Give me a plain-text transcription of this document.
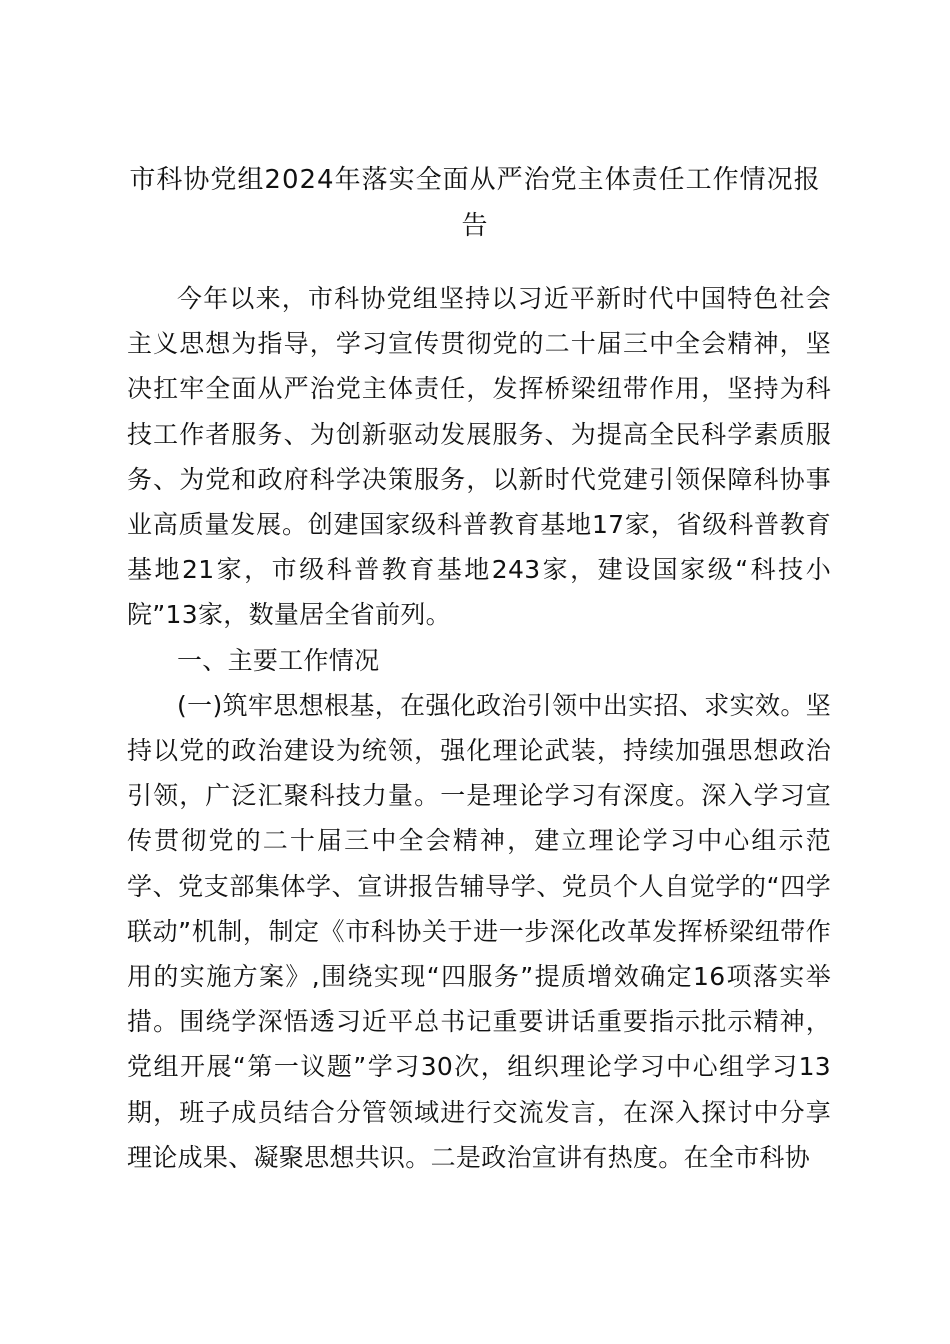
市科协党组2024年落实全面从严治党主体责任工作情况报告

今年以来，市科协党组坚持以习近平新时代中国特色社会主义思想为指导，学习宣传贯彻党的二十届三中全会精神，坚决扛牢全面从严治党主体责任，发挥桥梁纽带作用，坚持为科技工作者服务、为创新驱动发展服务、为提高全民科学素质服务、为党和政府科学决策服务，以新时代党建引领保障科协事业高质量发展。创建国家级科普教育基地17家，省级科普教育基地21家，市级科普教育基地243家，建设国家级“科技小院”13家，数量居全省前列。

一、主要工作情况

(一)筑牢思想根基，在强化政治引领中出实招、求实效。坚持以党的政治建设为统领，强化理论武装，持续加强思想政治引领，广泛汇聚科技力量。一是理论学习有深度。深入学习宣传贯彻党的二十届三中全会精神，建立理论学习中心组示范学、党支部集体学、宣讲报告辅导学、党员个人自觉学的“四学联动”机制，制定《市科协关于进一步深化改革发挥桥梁纽带作用的实施方案》,围绕实现“四服务”提质增效确定16项落实举措。围绕学深悟透习近平总书记重要讲话重要指示批示精神，党组开展“第一议题”学习30次，组织理论学习中心组学习13期，班子成员结合分管领域进行交流发言，在深入探讨中分享理论成果、凝聚思想共识。二是政治宣讲有热度。在全市科协
